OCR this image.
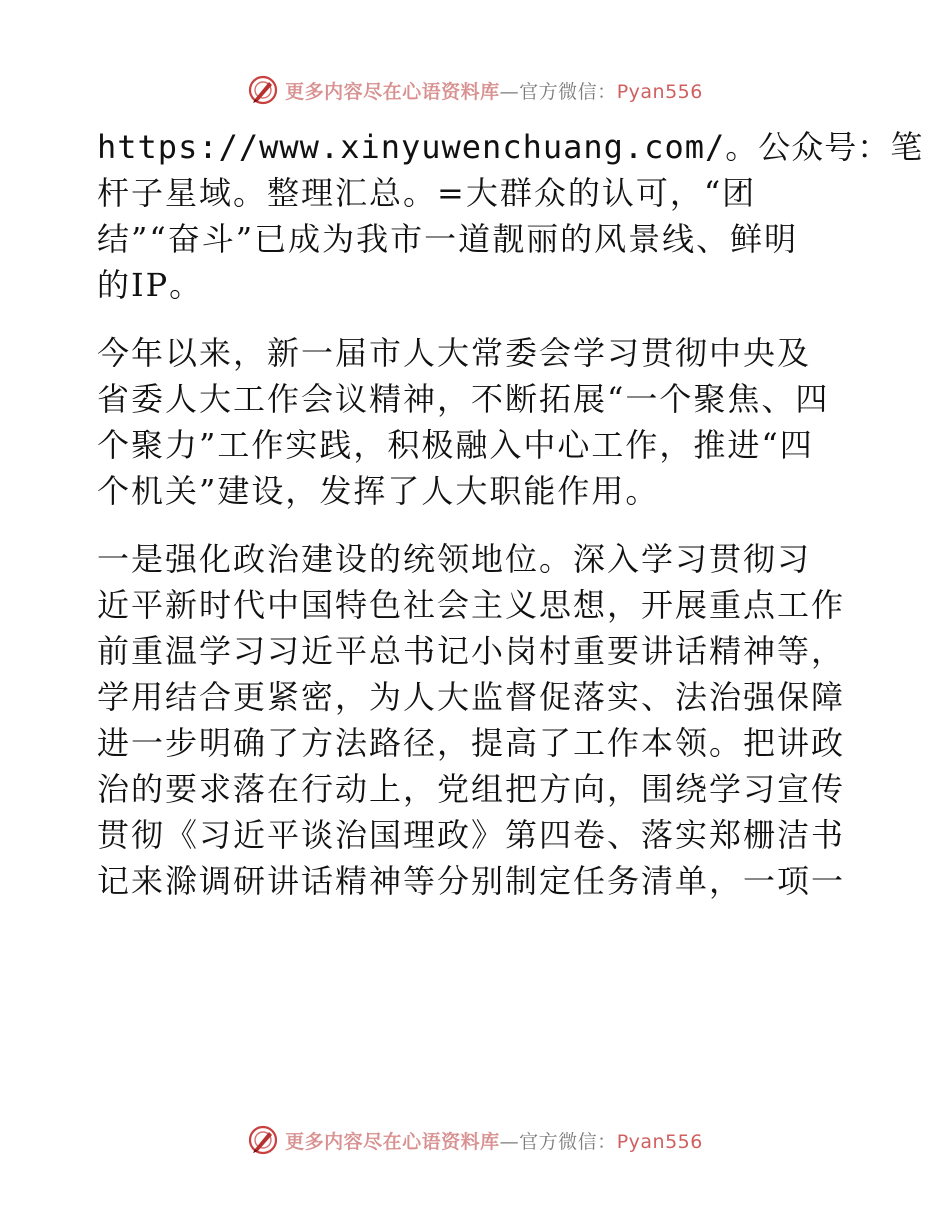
更多内容尽在心语资料库—官方微信：Pyan556

https://www.xinyuwenchuang.com/。公众号：笔
杆子星域。整理汇总。=大群众的认可，“团
结”“奋斗”已成为我市一道靓丽的风景线、鲜明
的IP。

今年以来，新一届市人大常委会学习贯彻中央及
省委人大工作会议精神，不断拓展“一个聚焦、四
个聚力”工作实践，积极融入中心工作，推进“四
个机关”建设，发挥了人大职能作用。

一是强化政治建设的统领地位。深入学习贯彻习
近平新时代中国特色社会主义思想，开展重点工作
前重温学习习近平总书记小岗村重要讲话精神等，
学用结合更紧密，为人大监督促落实、法治强保障
进一步明确了方法路径，提高了工作本领。把讲政
治的要求落在行动上，党组把方向，围绕学习宣传
贯彻《习近平谈治国理政》第四卷、落实郑栅洁书
记来滁调研讲话精神等分别制定任务清单，一项一

更多内容尽在心语资料库—官方微信：Pyan556
